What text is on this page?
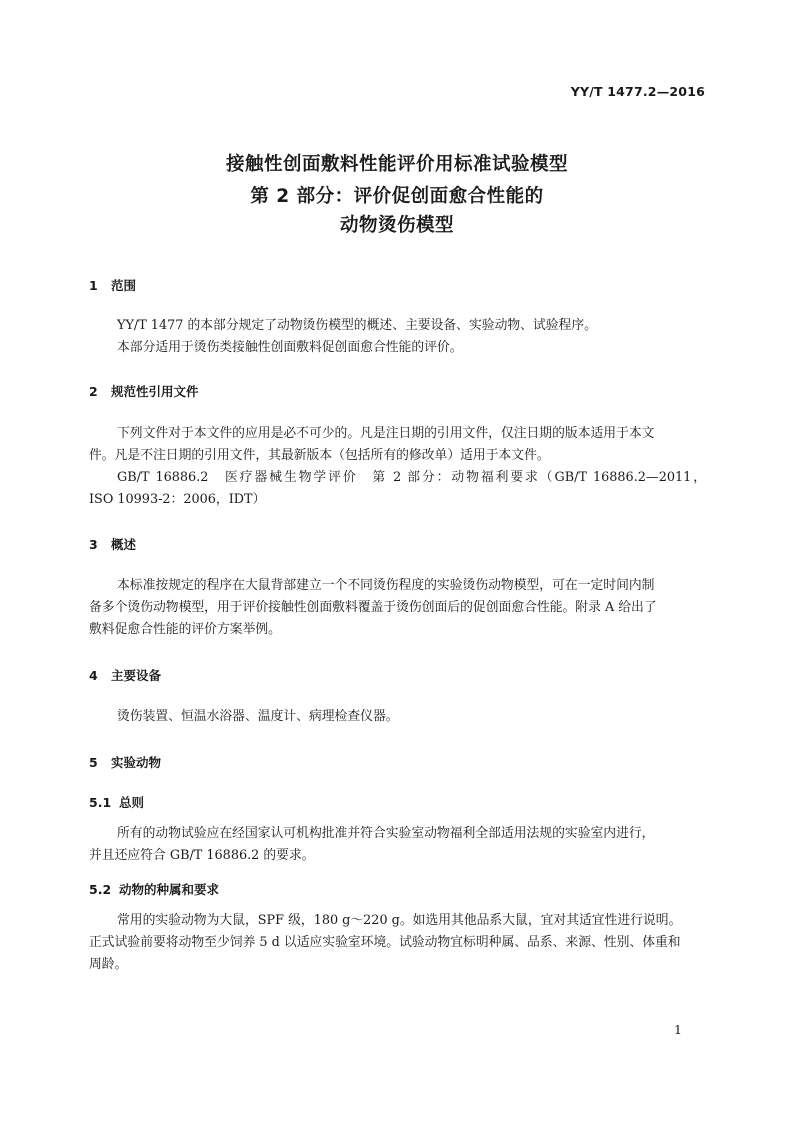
YY/T 1477.2—2016
接触性创面敷料性能评价用标准试验模型
第 2 部分：评价促创面愈合性能的
动物烫伤模型
1 范围
YY/T 1477 的本部分规定了动物烫伤模型的概述、主要设备、实验动物、试验程序。
本部分适用于烫伤类接触性创面敷料促创面愈合性能的评价。
2 规范性引用文件
下列文件对于本文件的应用是必不可少的。凡是注日期的引用文件，仅注日期的版本适用于本文
件。凡是不注日期的引用文件，其最新版本（包括所有的修改单）适用于本文件。
GB/T 16886.2　医疗器械生物学评价　第 2 部分：动物福利要求（GB/T 16886.2—2011，
ISO 10993-2：2006，IDT）
3 概述
本标准按规定的程序在大鼠背部建立一个不同烫伤程度的实验烫伤动物模型，可在一定时间内制
备多个烫伤动物模型，用于评价接触性创面敷料覆盖于烫伤创面后的促创面愈合性能。附录 A 给出了
敷料促愈合性能的评价方案举例。
4 主要设备
烫伤装置、恒温水浴器、温度计、病理检查仪器。
5 实验动物
5.1 总则
所有的动物试验应在经国家认可机构批准并符合实验室动物福利全部适用法规的实验室内进行，
并且还应符合 GB/T 16886.2 的要求。
5.2 动物的种属和要求
常用的实验动物为大鼠，SPF 级，180 g～220 g。如选用其他品系大鼠，宜对其适宜性进行说明。
正式试验前要将动物至少饲养 5 d 以适应实验室环境。试验动物宜标明种属、品系、来源、性别、体重和
周龄。
1
